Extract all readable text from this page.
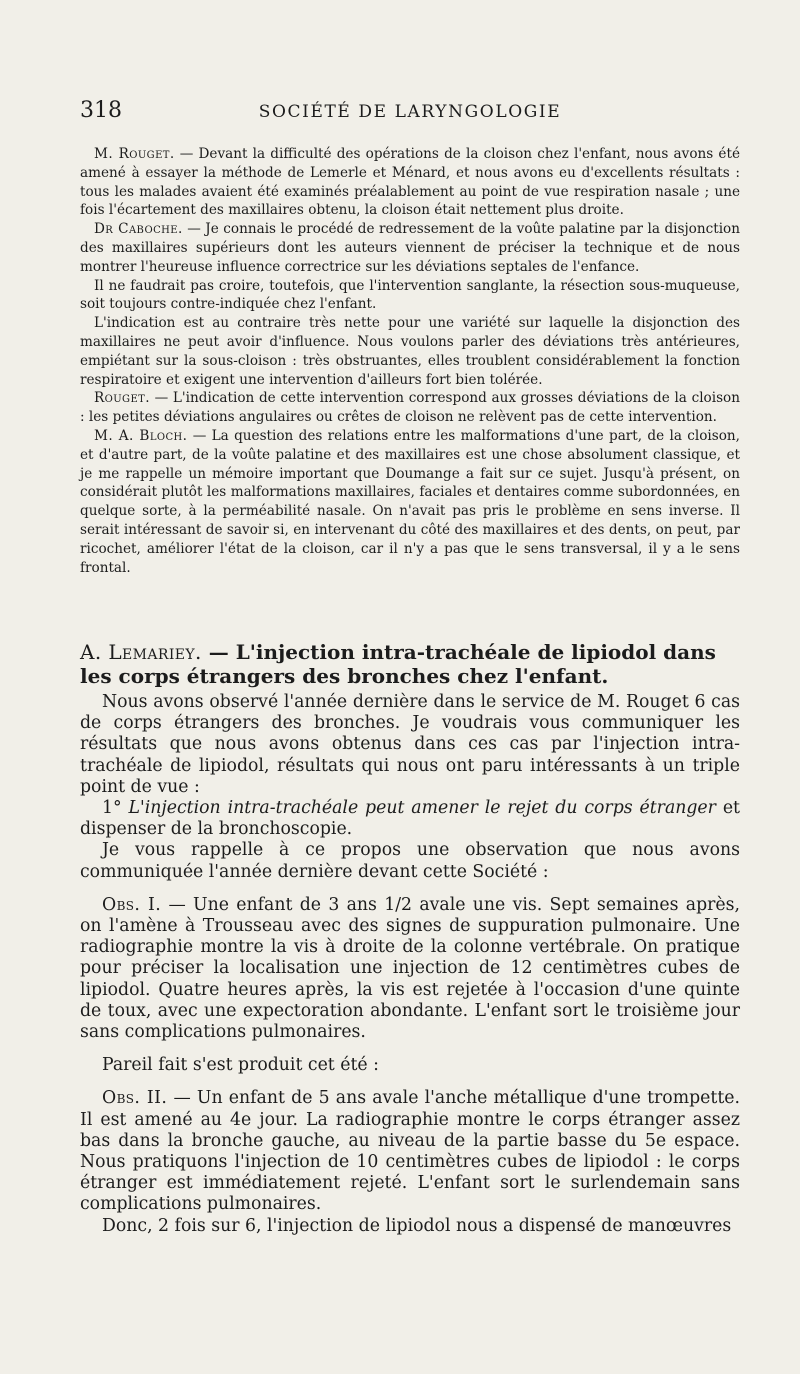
318	SOCIÉTÉ DE LARYNGOLOGIE

M. Rouget. — Devant la difficulté des opérations de la cloison chez l'enfant, nous avons été amené à essayer la méthode de Lemerle et Ménard, et nous avons eu d'excellents résultats : tous les malades avaient été examinés préalablement au point de vue respiration nasale ; une fois l'écartement des maxillaires obtenu, la cloison était nettement plus droite.

Dr Caboche. — Je connais le procédé de redressement de la voûte palatine par la disjonction des maxillaires supérieurs dont les auteurs viennent de préciser la technique et de nous montrer l'heureuse influence correctrice sur les déviations septales de l'enfance.

Il ne faudrait pas croire, toutefois, que l'intervention sanglante, la résection sous-muqueuse, soit toujours contre-indiquée chez l'enfant.

L'indication est au contraire très nette pour une variété sur laquelle la disjonction des maxillaires ne peut avoir d'influence. Nous voulons parler des déviations très antérieures, empiétant sur la sous-cloison : très obstruantes, elles troublent considérablement la fonction respiratoire et exigent une intervention d'ailleurs fort bien tolérée.

Rouget. — L'indication de cette intervention correspond aux grosses déviations de la cloison : les petites déviations angulaires ou crêtes de cloison ne relèvent pas de cette intervention.

M. A. Bloch. — La question des relations entre les malformations d'une part, de la cloison, et d'autre part, de la voûte palatine et des maxillaires est une chose absolument classique, et je me rappelle un mémoire important que Doumange a fait sur ce sujet. Jusqu'à présent, on considérait plutôt les malformations maxillaires, faciales et dentaires comme subordonnées, en quelque sorte, à la perméabilité nasale. On n'avait pas pris le problème en sens inverse. Il serait intéressant de savoir si, en intervenant du côté des maxillaires et des dents, on peut, par ricochet, améliorer l'état de la cloison, car il n'y a pas que le sens transversal, il y a le sens frontal.

A. Lemariey. — L'injection intra-trachéale de lipiodol dans les corps étrangers des bronches chez l'enfant.

Nous avons observé l'année dernière dans le service de M. Rouget 6 cas de corps étrangers des bronches. Je voudrais vous communiquer les résultats que nous avons obtenus dans ces cas par l'injection intra-trachéale de lipiodol, résultats qui nous ont paru intéressants à un triple point de vue :

1° L'injection intra-trachéale peut amener le rejet du corps étranger et dispenser de la bronchoscopie.

Je vous rappelle à ce propos une observation que nous avons communiquée l'année dernière devant cette Société :

Obs. I. — Une enfant de 3 ans 1/2 avale une vis. Sept semaines après, on l'amène à Trousseau avec des signes de suppuration pulmonaire. Une radiographie montre la vis à droite de la colonne vertébrale. On pratique pour préciser la localisation une injection de 12 centimètres cubes de lipiodol. Quatre heures après, la vis est rejetée à l'occasion d'une quinte de toux, avec une expectoration abondante. L'enfant sort le troisième jour sans complications pulmonaires.

Pareil fait s'est produit cet été :

Obs. II. — Un enfant de 5 ans avale l'anche métallique d'une trompette. Il est amené au 4e jour. La radiographie montre le corps étranger assez bas dans la bronche gauche, au niveau de la partie basse du 5e espace. Nous pratiquons l'injection de 10 centimètres cubes de lipiodol : le corps étranger est immédiatement rejeté. L'enfant sort le surlendemain sans complications pulmonaires.

Donc, 2 fois sur 6, l'injection de lipiodol nous a dispensé de manœuvres
